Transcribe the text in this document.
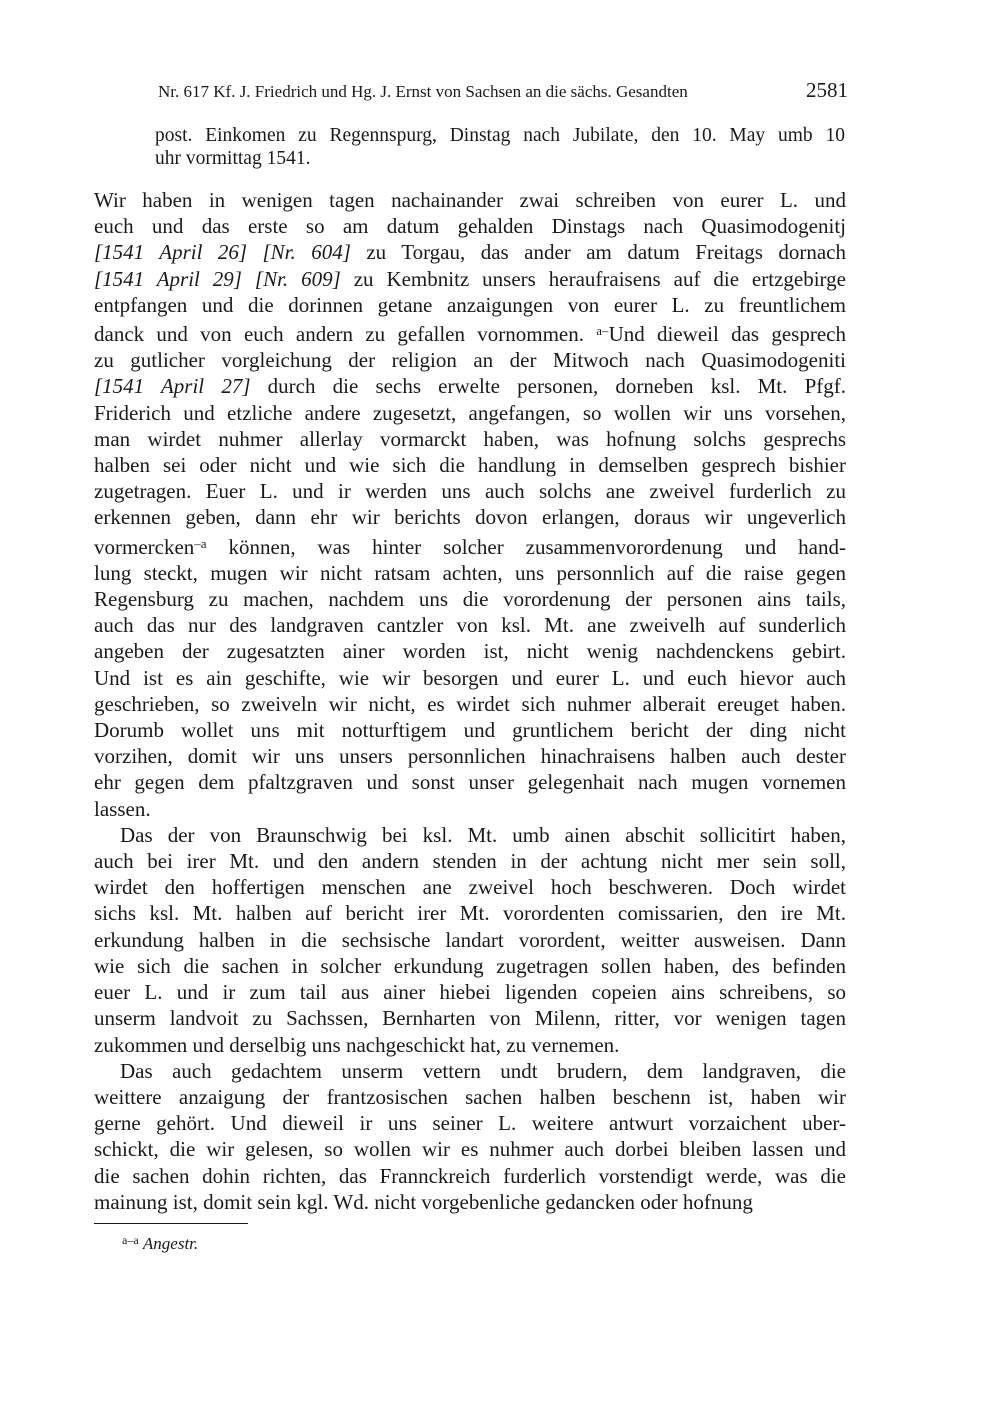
Nr. 617 Kf. J. Friedrich und Hg. J. Ernst von Sachsen an die sächs. Gesandten	2581
post. Einkomen zu Regennspurg, Dinstag nach Jubilate, den 10. May umb 10
uhr vormittag 1541.
Wir haben in wenigen tagen nachainander zwai schreiben von eurer L. und
euch und das erste so am datum gehalden Dinstags nach Quasimodogenitj
[1541 April 26] [Nr. 604] zu Torgau, das ander am datum Freitags dornach
[1541 April 29] [Nr. 609] zu Kembnitz unsers heraufraisens auf die ertzgebirge
entpfangen und die dorinnen getane anzaigungen von eurer L. zu freuntlichem
danck und von euch andern zu gefallen vornommen. $^{a-}$Und dieweil das gesprech
zu gutlicher vorgleichung der religion an der Mitwoch nach Quasimodogeniti
[1541 April 27] durch die sechs erwelte personen, dorneben ksl. Mt. Pfgf.
Friderich und etzliche andere zugesetzt, angefangen, so wollen wir uns vorsehen,
man wirdet nuhmer allerlay vormarckt haben, was hofnung solchs gesprechs
halben sei oder nicht und wie sich die handlung in demselben gesprech bishier
zugetragen. Euer L. und ir werden uns auch solchs ane zweivel furderlich zu
erkennen geben, dann ehr wir berichts dovon erlangen, doraus wir ungeverlich
vormercken$^{-a}$ können, was hinter solcher zusammenvorordenung und hand-
lung steckt, mugen wir nicht ratsam achten, uns personnlich auf die raise gegen
Regensburg zu machen, nachdem uns die vorordenung der personen ains tails,
auch das nur des landgraven cantzler von ksl. Mt. ane zweivelh auf sunderlich
angeben der zugesatzten ainer worden ist, nicht wenig nachdenckens gebirt.
Und ist es ain geschifte, wie wir besorgen und eurer L. und euch hievor auch
geschrieben, so zweiveln wir nicht, es wirdet sich nuhmer alberait ereuget haben.
Dorumb wollet uns mit notturftigem und gruntlichem bericht der ding nicht
vorzihen, domit wir uns unsers personnlichen hinachraisens halben auch dester
ehr gegen dem pfaltzgraven und sonst unser gelegenhait nach mugen vornemen
lassen.
Das der von Braunschwig bei ksl. Mt. umb ainen abschit sollicitirt haben,
auch bei irer Mt. und den andern stenden in der achtung nicht mer sein soll,
wirdet den hoffertigen menschen ane zweivel hoch beschweren. Doch wirdet
sichs ksl. Mt. halben auf bericht irer Mt. vorordenten comissarien, den ire Mt.
erkundung halben in die sechsische landart vorordent, weitter ausweisen. Dann
wie sich die sachen in solcher erkundung zugetragen sollen haben, des befinden
euer L. und ir zum tail aus ainer hiebei ligenden copeien ains schreibens, so
unserm landvoit zu Sachssen, Bernharten von Milenn, ritter, vor wenigen tagen
zukommen und derselbig uns nachgeschickt hat, zu vernemen.
Das auch gedachtem unserm vettern undt brudern, dem landgraven, die
weittere anzaigung der frantzosischen sachen halben beschenn ist, haben wir
gerne gehört. Und dieweil ir uns seiner L. weitere antwurt vorzaichent uber-
schickt, die wir gelesen, so wollen wir es nuhmer auch dorbei bleiben lassen und
die sachen dohin richten, das Frannckreich furderlich vorstendigt werde, was die
mainung ist, domit sein kgl. Wd. nicht vorgebenliche gedancken oder hofnung
$^{a-a}$ Angestr.
